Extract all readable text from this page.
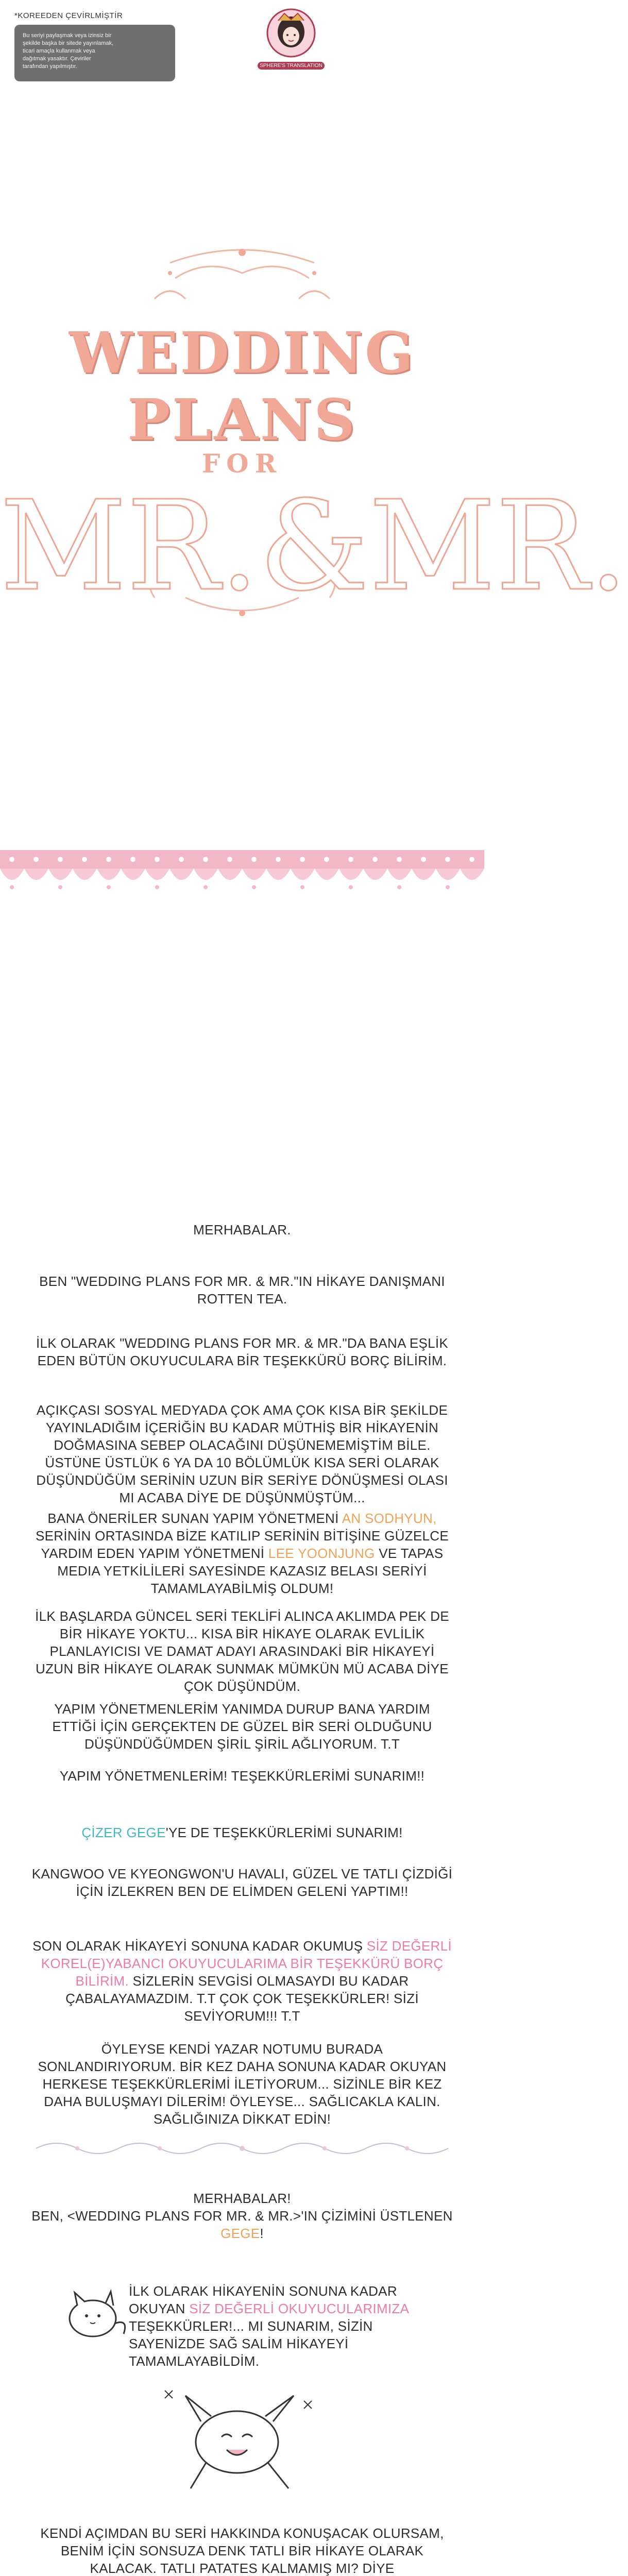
*KOREEDEN ÇEVİRLMİŞTİR

Bu seriyi paylaşmak veya izinsiz bir

şekilde başka bir sitede yayınlamak,

ticari amaçla kullanmak veya

dağıtmak yasaktır. Çeviriler

tarafından yapılmıştır.	SPHERE'S TRANSLATION
WEDDING
PLANS
FOR
MR.&MR.

MERHABALAR.

BEN "WEDDING PLANS FOR MR. & MR."IN HİKAYE DANIŞMANI ROTTEN TEA.

İLK OLARAK "WEDDING PLANS FOR MR. & MR."DA BANA EŞLİK EDEN BÜTÜN OKUYUCULARA BİR TEŞEKKÜRÜ BORÇ BİLİRİM.

AÇIKÇASI SOSYAL MEDYADA ÇOK AMA ÇOK KISA BİR ŞEKİLDE YAYINLADIĞIM İÇERİĞİN BU KADAR MÜTHİŞ BİR HİKAYENİN DOĞMASINA SEBEP OLACAĞINI DÜŞÜNEMEMİŞTİM BİLE. ÜSTÜNE ÜSTLÜK 6 YA DA 10 BÖLÜMLÜK KISA SERİ OLARAK DÜŞÜNDÜĞÜM SERİNİN UZUN BİR SERİYE DÖNÜŞMESİ OLASI MI ACABA DİYE DE DÜŞÜNMÜŞTÜM...

BANA ÖNERİLER SUNAN YAPIM YÖNETMENİ AN SODHYUN, SERİNİN ORTASINDA BİZE KATILIP SERİNİN BİTİŞİNE GÜZELCE YARDIM EDEN YAPIM YÖNETMENİ LEE YOONJUNG VE TAPAS MEDIA YETKİLİLERİ SAYESİNDE KAZASIZ BELASI SERİYİ TAMAMLAYABİLMİŞ OLDUM!

İLK BAŞLARDA GÜNCEL SERİ TEKLİFİ ALINCA AKLIMDA PEK DE BİR HİKAYE YOKTU... KISA BİR HİKAYE OLARAK EVLİLİK PLANLAYICISI VE DAMAT ADAYI ARASINDAKİ BİR HİKAYEYİ UZUN BİR HİKAYE OLARAK SUNMAK MÜMKÜN MÜ ACABA DİYE ÇOK DÜŞÜNDÜM.

YAPIM YÖNETMENLERİM YANIMDA DURUP BANA YARDIM ETTİĞİ İÇİN GERÇEKTEN DE GÜZEL BİR SERİ OLDUĞUNU DÜŞÜNDÜĞÜMDEN ŞİRİL ŞİRİL AĞLIYORUM. T.T

YAPIM YÖNETMENLERİM! TEŞEKKÜRLERİMİ SUNARIM!!

ÇİZER GEGE'YE DE TEŞEKKÜRLERİMİ SUNARIM!

KANGWOO VE KYEONGWON'U HAVALI, GÜZEL VE TATLI ÇİZDİĞİ İÇİN İZLEKREN BEN DE ELİMDEN GELENİ YAPTIM!!

SON OLARAK HİKAYEYİ SONUNA KADAR OKUMUŞ SİZ DEĞERLİ KOREL(E)YABANCI OKUYUCULARIMA BİR TEŞEKKÜRÜ BORÇ BİLİRİM. SİZLERİN SEVGİSİ OLMASAYDI BU KADAR ÇABALAYAMAZDIM. T.T ÇOK ÇOK TEŞEKKÜRLER! SİZİ SEVİYORUM!!! T.T

ÖYLEYSE KENDİ YAZAR NOTUMU BURADA SONLANDIRIYORUM. BİR KEZ DAHA SONUNA KADAR OKUYAN HERKESE TEŞEKKÜRLERİMİ İLETİYORUM... SİZİNLE BİR KEZ DAHA BULUŞMAYI DİLERİM! ÖYLEYSE... SAĞLICAKLA KALIN. SAĞLIĞINIZA DİKKAT EDİN!

MERHABALAR!
BEN, <WEDDING PLANS FOR MR. & MR.>'IN ÇİZİMİNİ ÜSTLENEN GEGE!

İLK OLARAK HİKAYENİN SONUNA KADAR OKUYAN SİZ DEĞERLİ OKUYUCULARIMIZA TEŞEKKÜRLER!... MI SUNARIM, SİZİN SAYENİZDE SAĞ SALİM HİKAYEYİ TAMAMLAYABİLDİM.

KENDİ AÇIMDAN BU SERİ HAKKINDA KONUŞACAK OLURSAM, BENİM İÇİN SONSUZA DENK TATLI BİR HİKAYE OLARAK KALACAK. TATLI PATATES KALMAMIŞ MI? DİYE
